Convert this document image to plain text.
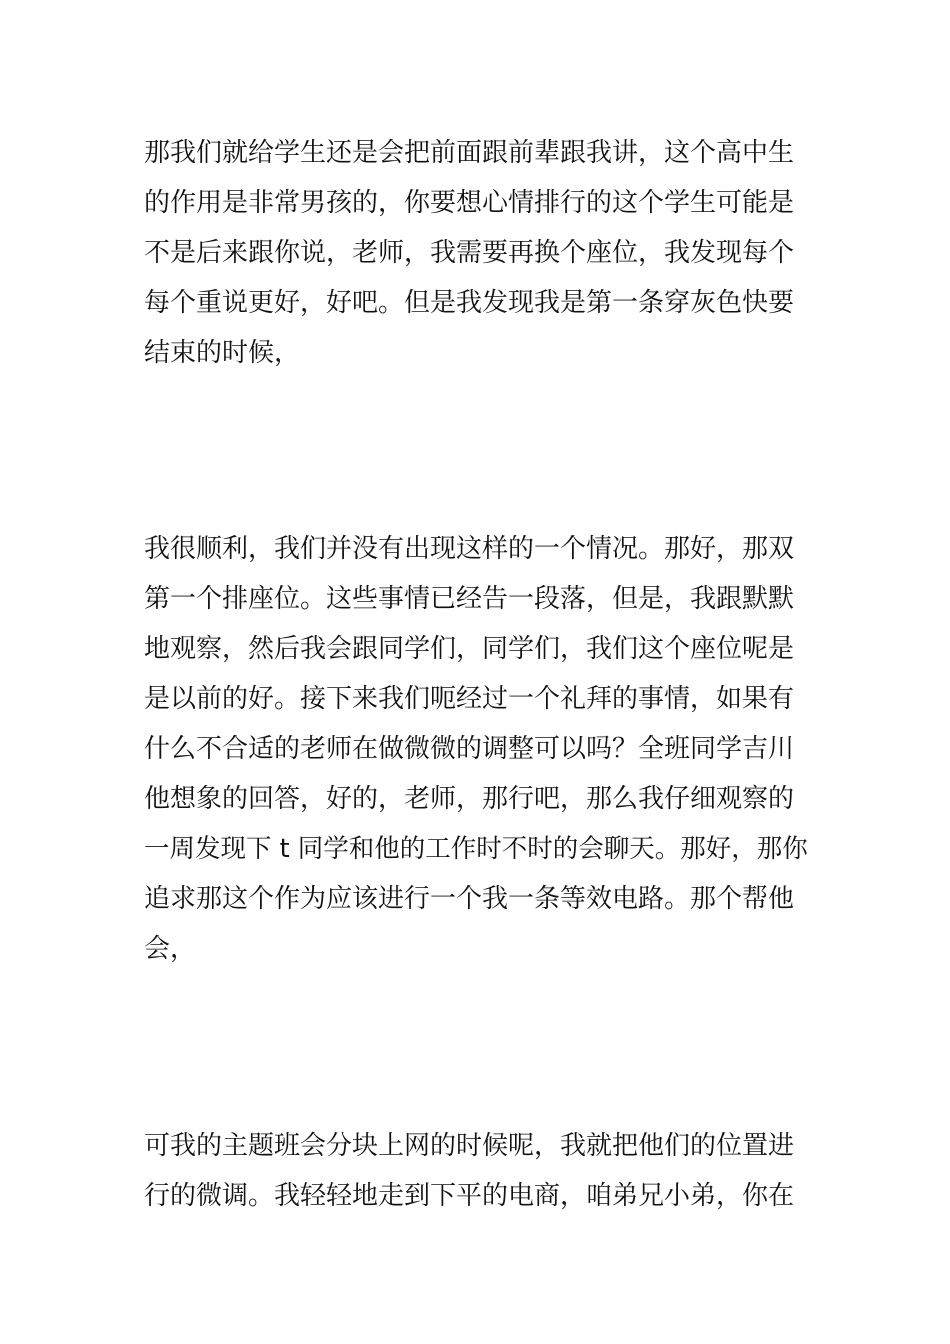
那我们就给学生还是会把前面跟前辈跟我讲，这个高中生
的作用是非常男孩的，你要想心情排行的这个学生可能是
不是后来跟你说，老师，我需要再换个座位，我发现每个
每个重说更好，好吧。但是我发现我是第一条穿灰色快要
结束的时候，
我很顺利，我们并没有出现这样的一个情况。那好，那双
第一个排座位。这些事情已经告一段落，但是，我跟默默
地观察，然后我会跟同学们，同学们，我们这个座位呢是
是以前的好。接下来我们呃经过一个礼拜的事情，如果有
什么不合适的老师在做微微的调整可以吗？全班同学吉川
他想象的回答，好的，老师，那行吧，那么我仔细观察的
一周发现下 t 同学和他的工作时不时的会聊天。那好，那你
追求那这个作为应该进行一个我一条等效电路。那个帮他
会，
可我的主题班会分块上网的时候呢，我就把他们的位置进
行的微调。我轻轻地走到下平的电商，咱弟兄小弟，你在
